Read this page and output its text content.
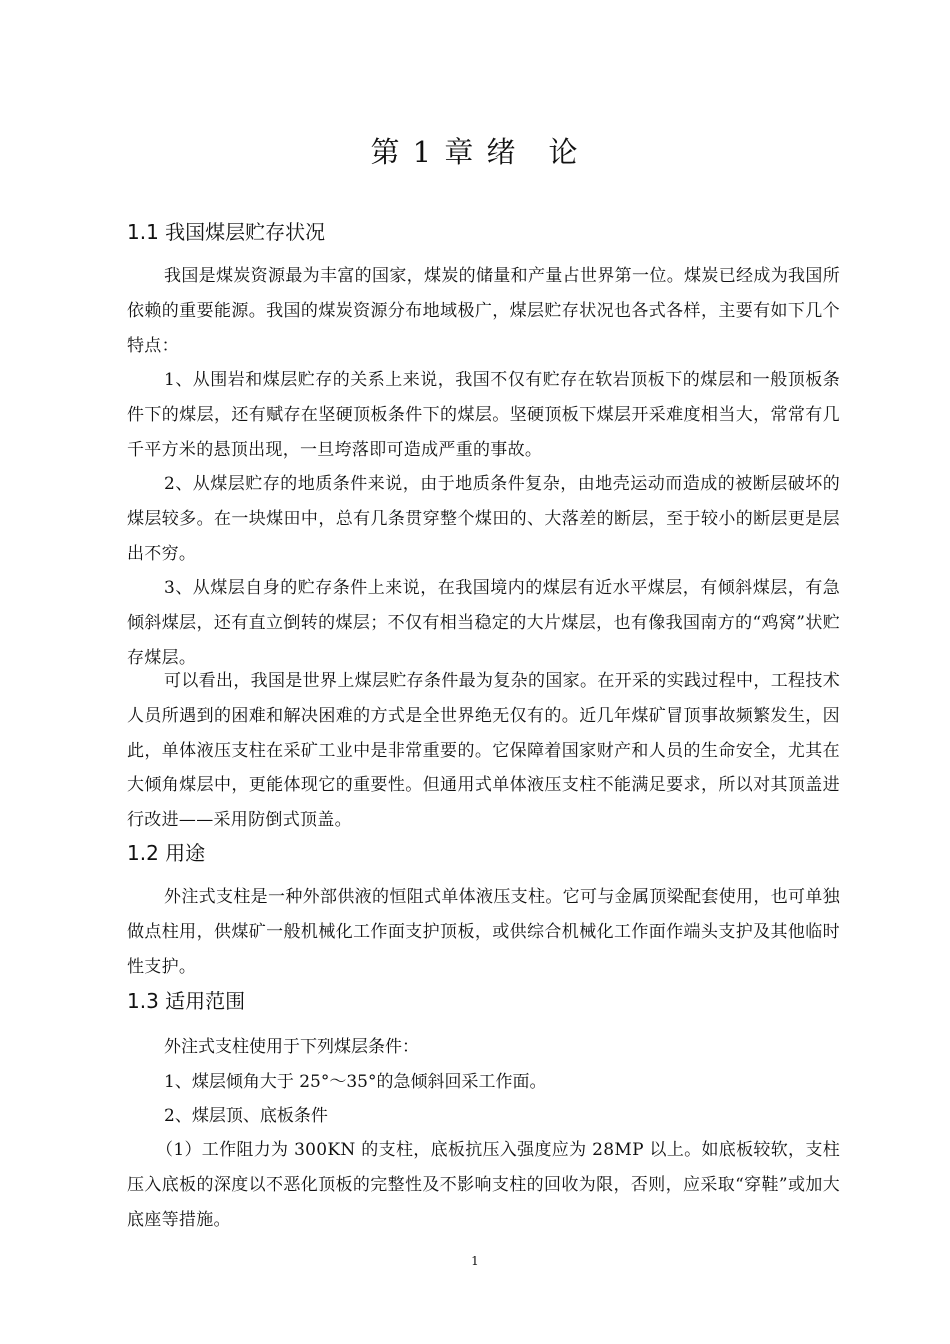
第 1 章 绪　论
1.1 我国煤层贮存状况

我国是煤炭资源最为丰富的国家，煤炭的储量和产量占世界第一位。煤炭已经成为我国所依赖的重要能源。我国的煤炭资源分布地域极广，煤层贮存状况也各式各样，主要有如下几个特点：

1、从围岩和煤层贮存的关系上来说，我国不仅有贮存在软岩顶板下的煤层和一般顶板条件下的煤层，还有赋存在坚硬顶板条件下的煤层。坚硬顶板下煤层开采难度相当大，常常有几千平方米的悬顶出现，一旦垮落即可造成严重的事故。

2、从煤层贮存的地质条件来说，由于地质条件复杂，由地壳运动而造成的被断层破坏的煤层较多。在一块煤田中，总有几条贯穿整个煤田的、大落差的断层，至于较小的断层更是层出不穷。

3、从煤层自身的贮存条件上来说，在我国境内的煤层有近水平煤层，有倾斜煤层，有急倾斜煤层，还有直立倒转的煤层；不仅有相当稳定的大片煤层，也有像我国南方的“鸡窝”状贮存煤层。

可以看出，我国是世界上煤层贮存条件最为复杂的国家。在开采的实践过程中，工程技术人员所遇到的困难和解决困难的方式是全世界绝无仅有的。近几年煤矿冒顶事故频繁发生，因此，单体液压支柱在采矿工业中是非常重要的。它保障着国家财产和人员的生命安全，尤其在大倾角煤层中，更能体现它的重要性。但通用式单体液压支柱不能满足要求，所以对其顶盖进行改进——采用防倒式顶盖。

1.2 用途

外注式支柱是一种外部供液的恒阻式单体液压支柱。它可与金属顶梁配套使用，也可单独做点柱用，供煤矿一般机械化工作面支护顶板，或供综合机械化工作面作端头支护及其他临时性支护。

1.3 适用范围

外注式支柱使用于下列煤层条件：

1、煤层倾角大于 25°～35°的急倾斜回采工作面。

2、煤层顶、底板条件

（1）工作阻力为 300KN 的支柱，底板抗压入强度应为 28MP 以上。如底板较软，支柱压入底板的深度以不恶化顶板的完整性及不影响支柱的回收为限，否则，应采取“穿鞋”或加大底座等措施。

1
